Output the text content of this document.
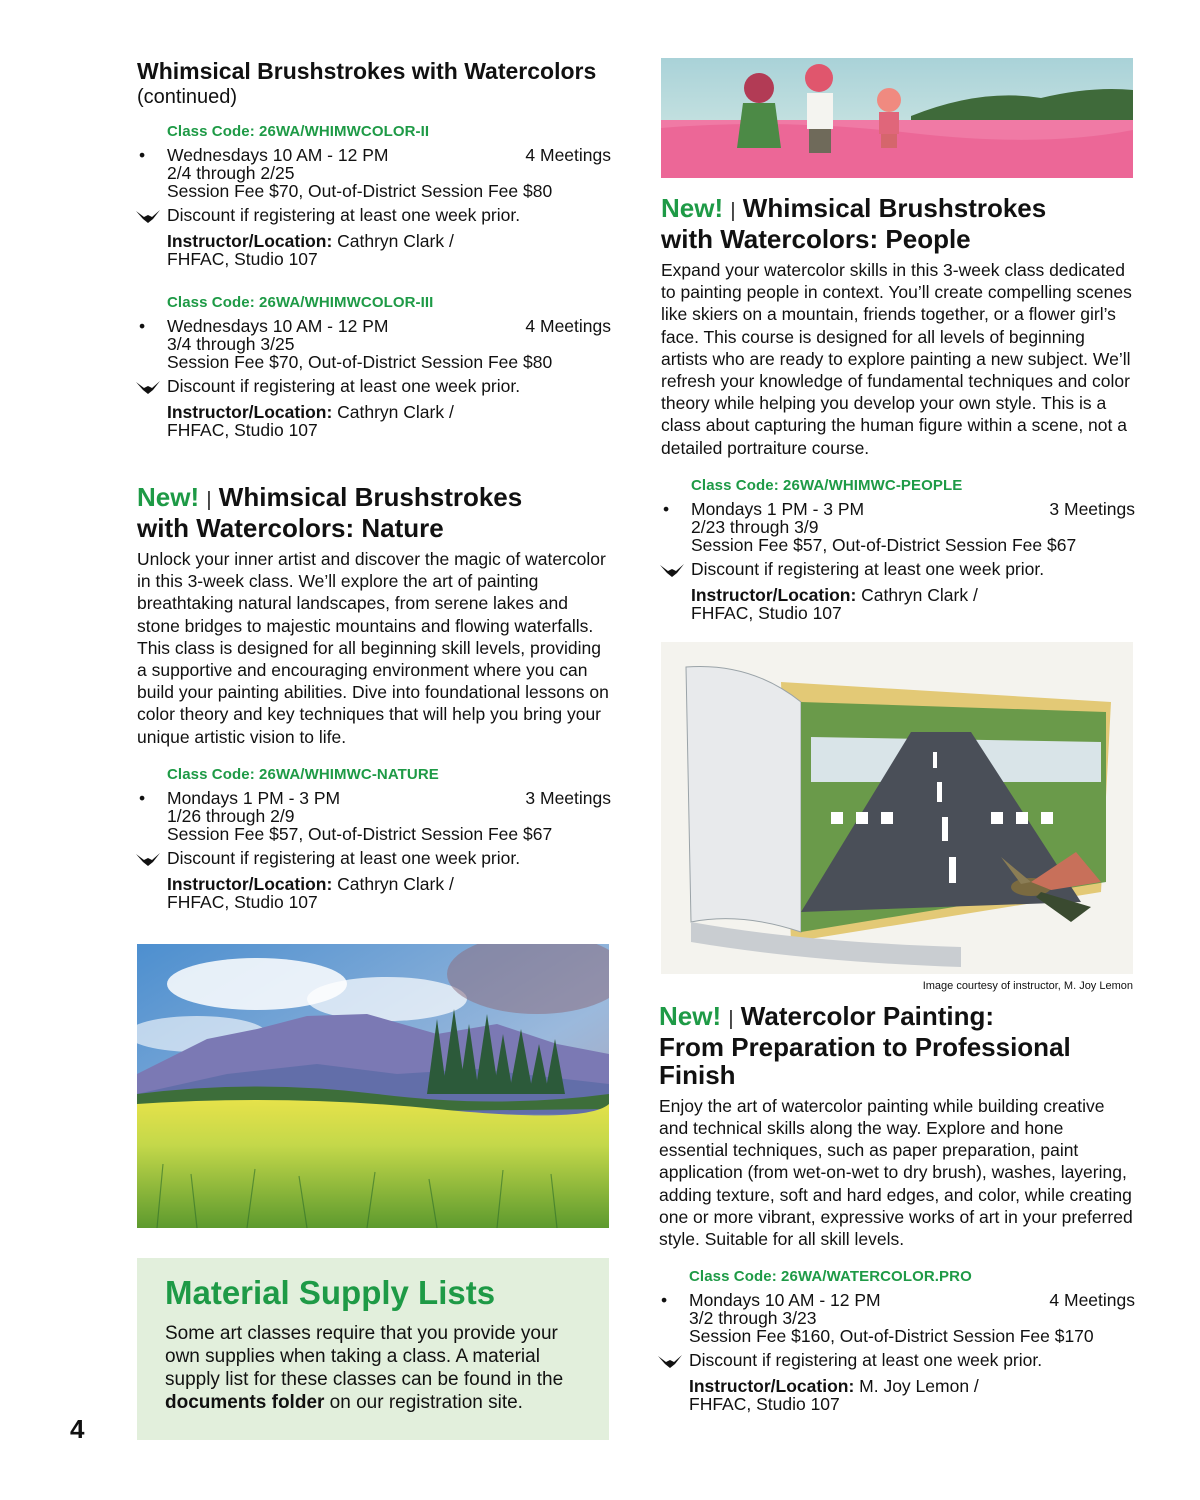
Whimsical Brushstrokes with Watercolors
(continued)
Class Code: 26WA/WHIMWCOLOR-II
• Wednesdays 10 AM - 12 PM	4 Meetings
2/4 through 2/25
Session Fee $70, Out-of-District Session Fee $80
Discount if registering at least one week prior.
Instructor/Location: Cathryn Clark /
FHFAC, Studio 107
Class Code: 26WA/WHIMWCOLOR-III
• Wednesdays 10 AM - 12 PM	4 Meetings
3/4 through 3/25
Session Fee $70, Out-of-District Session Fee $80
Discount if registering at least one week prior.
Instructor/Location: Cathryn Clark /
FHFAC, Studio 107
New! | Whimsical Brushstrokes
with Watercolors: Nature
Unlock your inner artist and discover the magic of watercolor in this 3-week class. We’ll explore the art of painting breathtaking natural landscapes, from serene lakes and stone bridges to majestic mountains and flowing waterfalls. This class is designed for all beginning skill levels, providing a supportive and encouraging environment where you can build your painting abilities. Dive into foundational lessons on color theory and key techniques that will help you bring your unique artistic vision to life.
Class Code: 26WA/WHIMWC-NATURE
• Mondays 1 PM - 3 PM	3 Meetings
1/26 through 2/9
Session Fee $57, Out-of-District Session Fee $67
Discount if registering at least one week prior.
Instructor/Location: Cathryn Clark /
FHFAC, Studio 107
Material Supply Lists

Some art classes require that you provide your own supplies when taking a class. A material supply list for these classes can be found in the documents folder on our registration site.

4
New! | Whimsical Brushstrokes
with Watercolors: People
Expand your watercolor skills in this 3-week class dedicated to painting people in context. You’ll create compelling scenes like skiers on a mountain, friends together, or a flower girl’s face. This course is designed for all levels of beginning artists who are ready to explore painting a new subject. We’ll refresh your knowledge of fundamental techniques and color theory while helping you develop your own style. This is a class about capturing the human figure within a scene, not a detailed portraiture course.
Class Code: 26WA/WHIMWC-PEOPLE
• Mondays 1 PM - 3 PM	3 Meetings
2/23 through 3/9
Session Fee $57, Out-of-District Session Fee $67
Discount if registering at least one week prior.
Instructor/Location: Cathryn Clark /
FHFAC, Studio 107
Image courtesy of instructor, M. Joy Lemon
New! | Watercolor Painting:
From Preparation to Professional
Finish
Enjoy the art of watercolor painting while building creative and technical skills along the way. Explore and hone essential techniques, such as paper preparation, paint application (from wet-on-wet to dry brush), washes, layering, adding texture, soft and hard edges, and color, while creating one or more vibrant, expressive works of art in your preferred style. Suitable for all skill levels.
Class Code: 26WA/WATERCOLOR.PRO
• Mondays 10 AM - 12 PM	4 Meetings
3/2 through 3/23
Session Fee $160, Out-of-District Session Fee $170
Discount if registering at least one week prior.
Instructor/Location: M. Joy Lemon /
FHFAC, Studio 107
